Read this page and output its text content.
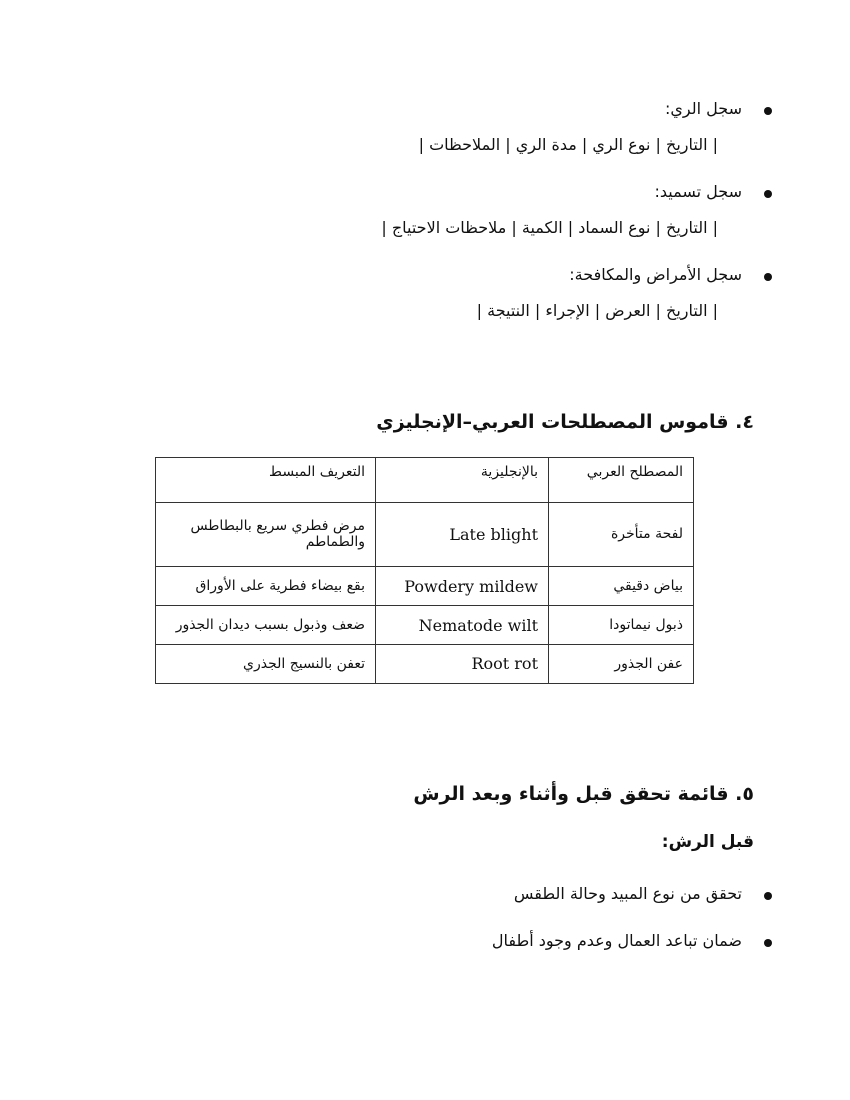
سجل الري:
| التاريخ | نوع الري | مدة الري | الملاحظات |
سجل تسميد:
| التاريخ | نوع السماد | الكمية | ملاحظات الاحتياج |
سجل الأمراض والمكافحة:
| التاريخ | العرض | الإجراء | النتيجة |
٤. قاموس المصطلحات العربي–الإنجليزي
المصطلح العربي	بالإنجليزية	التعريف المبسط
لفحة متأخرة	Late blight	مرض فطري سريع بالبطاطس والطماطم
بياض دقيقي	Powdery mildew	بقع بيضاء فطرية على الأوراق
ذبول نيماتودا	Nematode wilt	ضعف وذبول بسبب ديدان الجذور
عفن الجذور	Root rot	تعفن بالنسيج الجذري
٥. قائمة تحقق قبل وأثناء وبعد الرش
قبل الرش:
تحقق من نوع المبيد وحالة الطقس
ضمان تباعد العمال وعدم وجود أطفال
